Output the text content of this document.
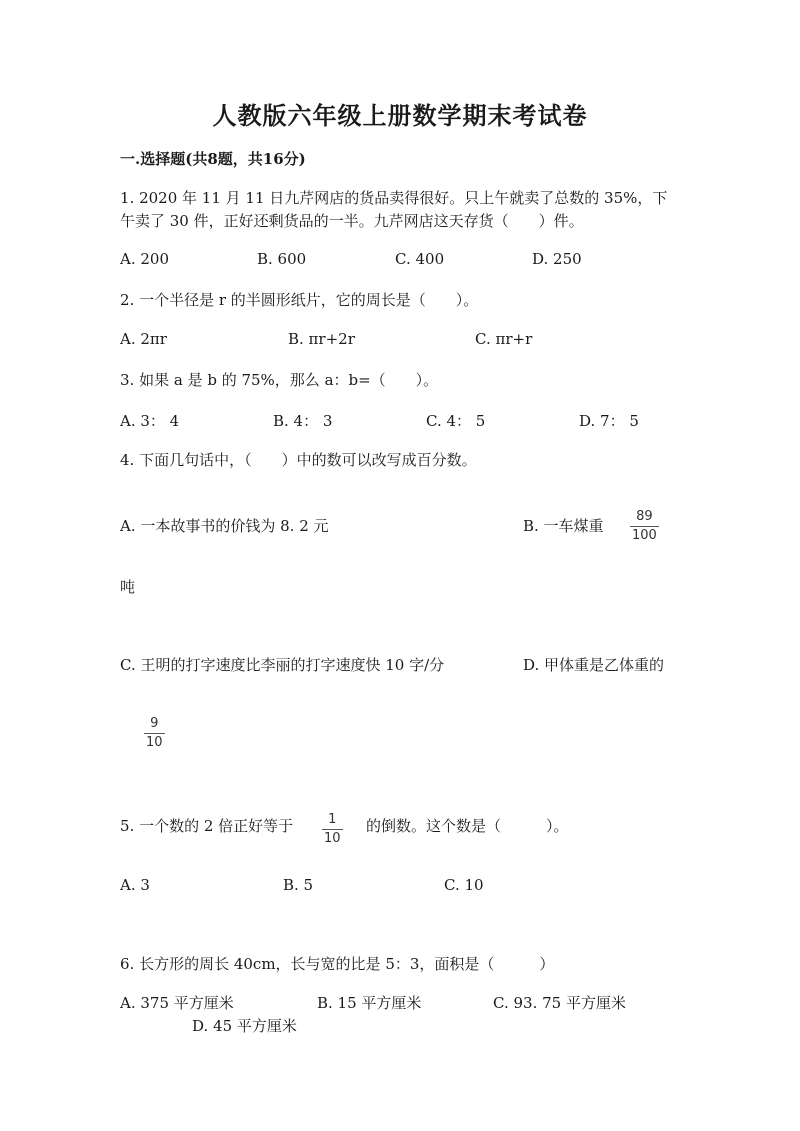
人教版六年级上册数学期末考试卷
一.选择题(共8题，共16分)
1. 2020 年 11 月 11 日九芹网店的货品卖得很好。只上午就卖了总数的 35%，下
午卖了 30 件，正好还剩货品的一半。九芹网店这天存货（　　）件。
A. 200	B. 600	C. 400	D. 250
2. 一个半径是 r 的半圆形纸片，它的周长是（　　）。
A. 2πr	B. πr+2r	C. πr+r
3. 如果 a 是 b 的 75%，那么 a：b=（　　）。
A. 3： 4	B. 4： 3	C. 4： 5	D. 7： 5
4. 下面几句话中，（　　）中的数可以改写成百分数。
A. 一本故事书的价钱为 8. 2 元	B. 一车煤重
89
100
吨
C. 王明的打字速度比李丽的打字速度快 10 字/分	D. 甲体重是乙体重的
9
10
5. 一个数的 2 倍正好等于	1
10
的倒数。这个数是（　　　）。
A. 3	B. 5	C. 10
6. 长方形的周长 40cm，长与宽的比是 5：3，面积是（　　　）
A. 375 平方厘米	B. 15 平方厘米	C. 93. 75 平方厘米
D. 45 平方厘米
